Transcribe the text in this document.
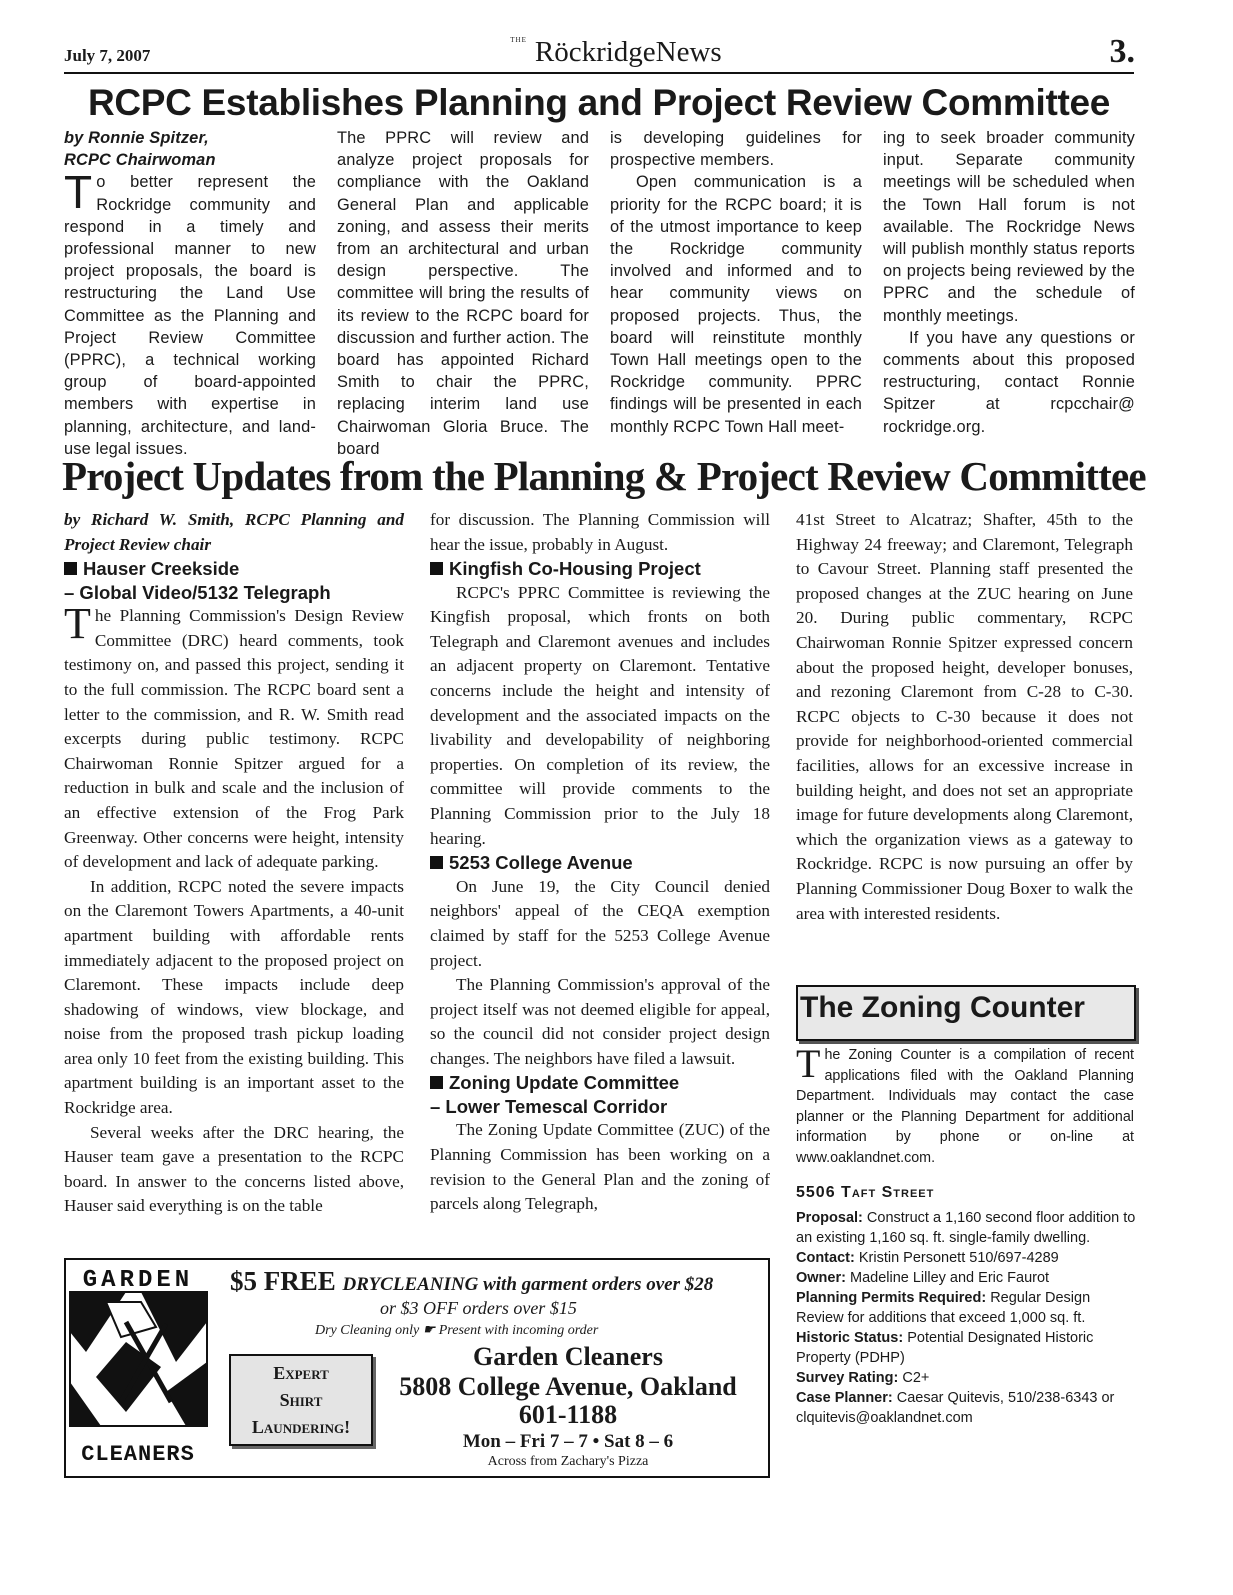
July 7, 2007
$^{THE}$ RöckridgeNews	3.
RCPC Establishes Planning and Project Review Committee

by Ronnie Spitzer,

RCPC Chairwoman

To better represent the Rockridge community and respond in a timely and professional manner to new project proposals, the board is restructuring the Land Use Committee as the Planning and Project Review Committee (PPRC), a technical working group of board-appointed members with expertise in planning, architecture, and land-use legal issues.

The PPRC will review and analyze project proposals for compliance with the Oakland General Plan and applicable zoning, and assess their merits from an architectural and urban design perspective. The committee will bring the results of its review to the RCPC board for discussion and further action. The board has appointed Richard Smith to chair the PPRC, replacing interim land use Chairwoman Gloria Bruce. The board

is developing guidelines for prospective members.

Open communication is a priority for the RCPC board; it is of the utmost importance to keep the Rockridge community involved and informed and to hear community views on proposed projects. Thus, the board will reinstitute monthly Town Hall meetings open to the Rockridge community. PPRC findings will be presented in each monthly RCPC Town Hall meet-

ing to seek broader community input. Separate community meetings will be scheduled when the Town Hall forum is not available. The Rockridge News will publish monthly status reports on projects being reviewed by the PPRC and the schedule of monthly meetings.

If you have any questions or comments about this proposed restructuring, contact Ronnie Spitzer at	rcpcchair@ rockridge.org.

Project Updates from the Planning & Project Review Committee

by Richard W. Smith, RCPC Planning and Project Review chair

Hauser Creekside

– Global Video/5132 Telegraph

The Planning Commission's Design Review Committee (DRC) heard comments, took testimony on, and passed this project, sending it to the full commission. The RCPC board sent a letter to the commission, and R. W. Smith read excerpts during public testimony. RCPC Chairwoman Ronnie Spitzer argued for a reduction in bulk and scale and the inclusion of an effective extension of the Frog Park Greenway. Other concerns were height, intensity of development and lack of adequate parking.

In addition, RCPC noted the severe impacts on the Claremont Towers Apartments, a 40-unit apartment building with affordable rents immediately adjacent to the proposed project on Claremont. These impacts include deep shadowing of windows, view blockage, and noise from the proposed trash pickup loading area only 10 feet from the existing building. This apartment building is an important asset to the Rockridge area.

Several weeks after the DRC hearing, the Hauser team gave a presentation to the RCPC board. In answer to the concerns listed above, Hauser said everything is on the table

for discussion. The Planning Commission will hear the issue, probably in August.

Kingfish Co-Housing Project

RCPC's PPRC Committee is reviewing the Kingfish proposal, which fronts on both Telegraph and Claremont avenues and includes an adjacent property on Claremont. Tentative concerns include the height and intensity of development and the associated impacts on the livability and developability of neighboring properties. On completion of its review, the committee will provide comments to the Planning Commission prior to the July 18 hearing.

5253 College Avenue

On June 19, the City Council denied neighbors' appeal of the CEQA exemption claimed by staff for the 5253 College Avenue project.

The Planning Commission's approval of the project itself was not deemed eligible for appeal, so the council did not consider project design changes. The neighbors have filed a lawsuit.

Zoning Update Committee

– Lower Temescal Corridor

The Zoning Update Committee (ZUC) of the Planning Commission has been working on a revision to the General Plan and the zoning of parcels along Telegraph,

41st Street to Alcatraz; Shafter, 45th to the Highway 24 freeway; and Claremont, Telegraph to Cavour Street. Planning staff presented the proposed changes at the ZUC hearing on June 20. During public commentary, RCPC Chairwoman Ronnie Spitzer expressed concern about the proposed height, developer bonuses, and rezoning Claremont from C-28 to C-30. RCPC objects to C-30 because it does not provide for neighborhood-oriented commercial facilities, allows for an excessive increase in building height, and does not set an appropriate image for future developments along Claremont, which the organization views as a gateway to Rockridge. RCPC is now pursuing an offer by Planning Commissioner Doug Boxer to walk the area with interested residents.

The Zoning Counter
The Zoning Counter is a compilation of recent applications filed with the Oakland Planning Department. Individuals may contact the case planner or the Planning Department for additional information by phone or on-line at www.oaklandnet.com.
5506 Taft Street

Proposal: Construct a 1,160 second floor addition to an existing 1,160 sq. ft. single-family dwelling.

Contact: Kristin Personett 510/697-4289

Owner: Madeline Lilley and Eric Faurot

Planning Permits Required: Regular Design Review for additions that exceed 1,000 sq. ft.

Historic Status: Potential Designated Historic Property (PDHP)

Survey Rating: C2+

Case Planner: Caesar Quitevis, 510/238-6343 or clquitevis@oaklandnet.com

GARDEN
CLEANERS
$5 FREE DRYCLEANING with garment orders over $28
or $3 OFF orders over $15
Dry Cleaning only ☛ Present with incoming order
Expert
Shirt
Laundering!
Garden Cleaners
5808 College Avenue, Oakland
601-1188
Mon – Fri 7 – 7 • Sat 8 – 6
Across from Zachary's Pizza
